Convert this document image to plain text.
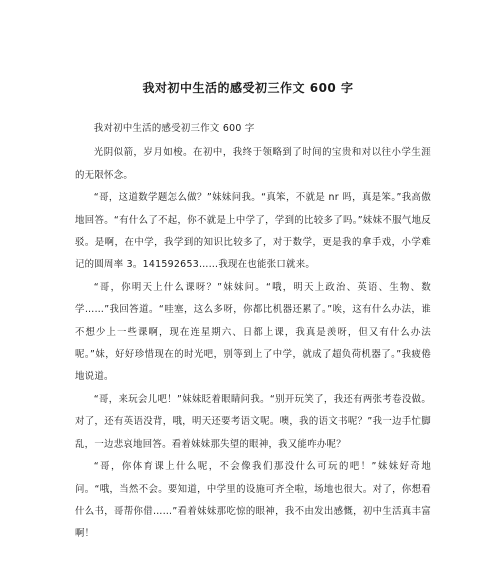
我对初中生活的感受初三作文 600 字

我对初中生活的感受初三作文 600 字

光阴似箭，岁月如梭。在初中，我终于领略到了时间的宝贵和对以往小学生涯的无限怀念。

“哥，这道数学题怎么做？”妹妹问我。“真笨，不就是 nr 吗，真是笨。”我高傲地回答。“有什么了不起，你不就是上中学了，学到的比较多了吗。”妹妹不服气地反驳。是啊，在中学，我学到的知识比较多了，对于数学，更是我的拿手戏，小学难记的圆周率 3。141592653……我现在也能张口就来。

“哥，你明天上什么课呀？”妹妹问。“哦，明天上政治、英语、生物、数学……”我回答道。“哇塞，这么多呀，你都比机器还累了。”唉，这有什么办法，谁不想少上一些课啊，现在连星期六、日都上课，我真是羡呀，但又有什么办法呢。”妹，好好珍惜现在的时光吧，别等到上了中学，就成了超负荷机器了。”我疲倦地说道。

“哥，来玩会儿吧！”妹妹眨着眼睛问我。“别开玩笑了，我还有两张考卷没做。对了，还有英语没背，哦，明天还要考语文呢。噢，我的语文书呢？”我一边手忙脚乱，一边悲哀地回答。看着妹妹那失望的眼神，我又能咋办呢？

“哥，你体育课上什么呢，不会像我们那没什么可玩的吧！”妹妹好奇地问。“哦，当然不会。要知道，中学里的设施可齐全啦，场地也很大。对了，你想看什么书，哥帮你借……”看着妹妹那吃惊的眼神，我不由发出感慨，初中生活真丰富啊！
